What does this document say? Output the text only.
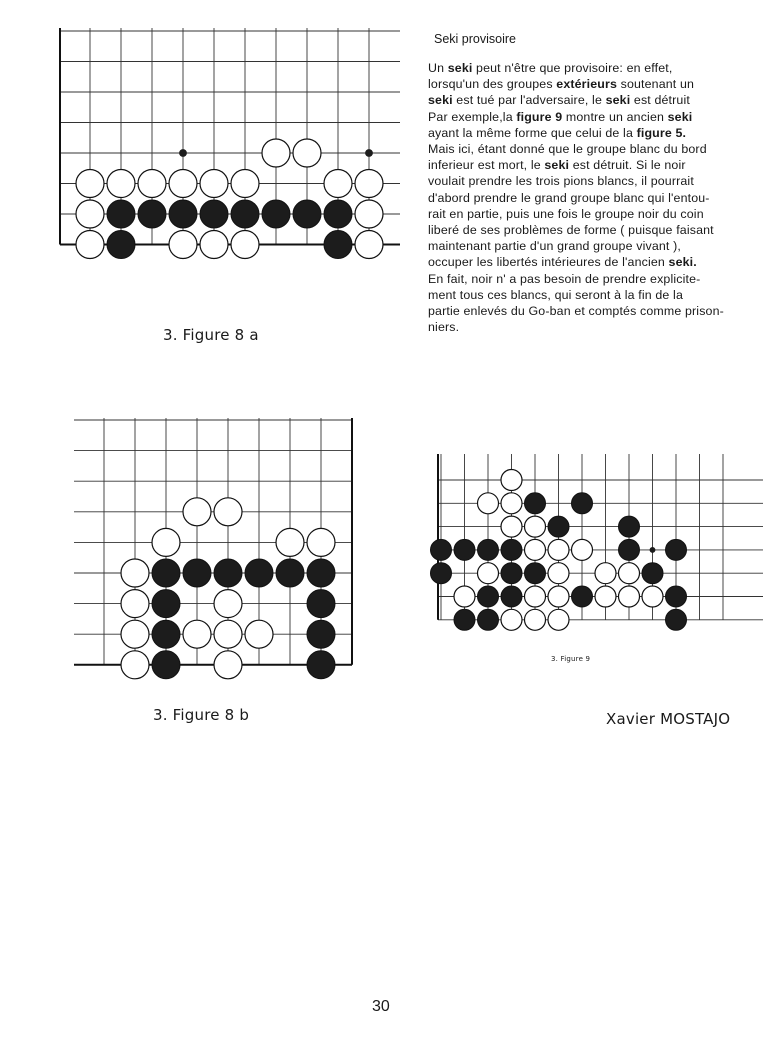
3. Figure 8 a
3. Figure 8 b
3. Figure 9
Seki provisoire

Un seki peut n'être que provisoire: en effet,
lorsqu'un des groupes extérieurs soutenant un
seki est tué par l'adversaire, le seki est détruit
Par exemple,la figure 9 montre un ancien seki
ayant la même forme que celui de la figure 5.
Mais ici, étant donné que le groupe blanc du bord
inferieur est mort, le seki est détruit. Si le noir
voulait prendre les trois pions blancs, il pourrait
d'abord prendre le grand groupe blanc qui l'entou-
rait en partie, puis une fois le groupe noir du coin
liberé de ses problèmes de forme ( puisque faisant
maintenant partie d'un grand groupe vivant ),
occuper les libertés intérieures de l'ancien seki.
En fait, noir n' a pas besoin de prendre explicite-
ment tous ces blancs, qui seront à la fin de la
partie enlevés du Go-ban et comptés comme prison-
niers.

Xavier MOSTAJO
30
